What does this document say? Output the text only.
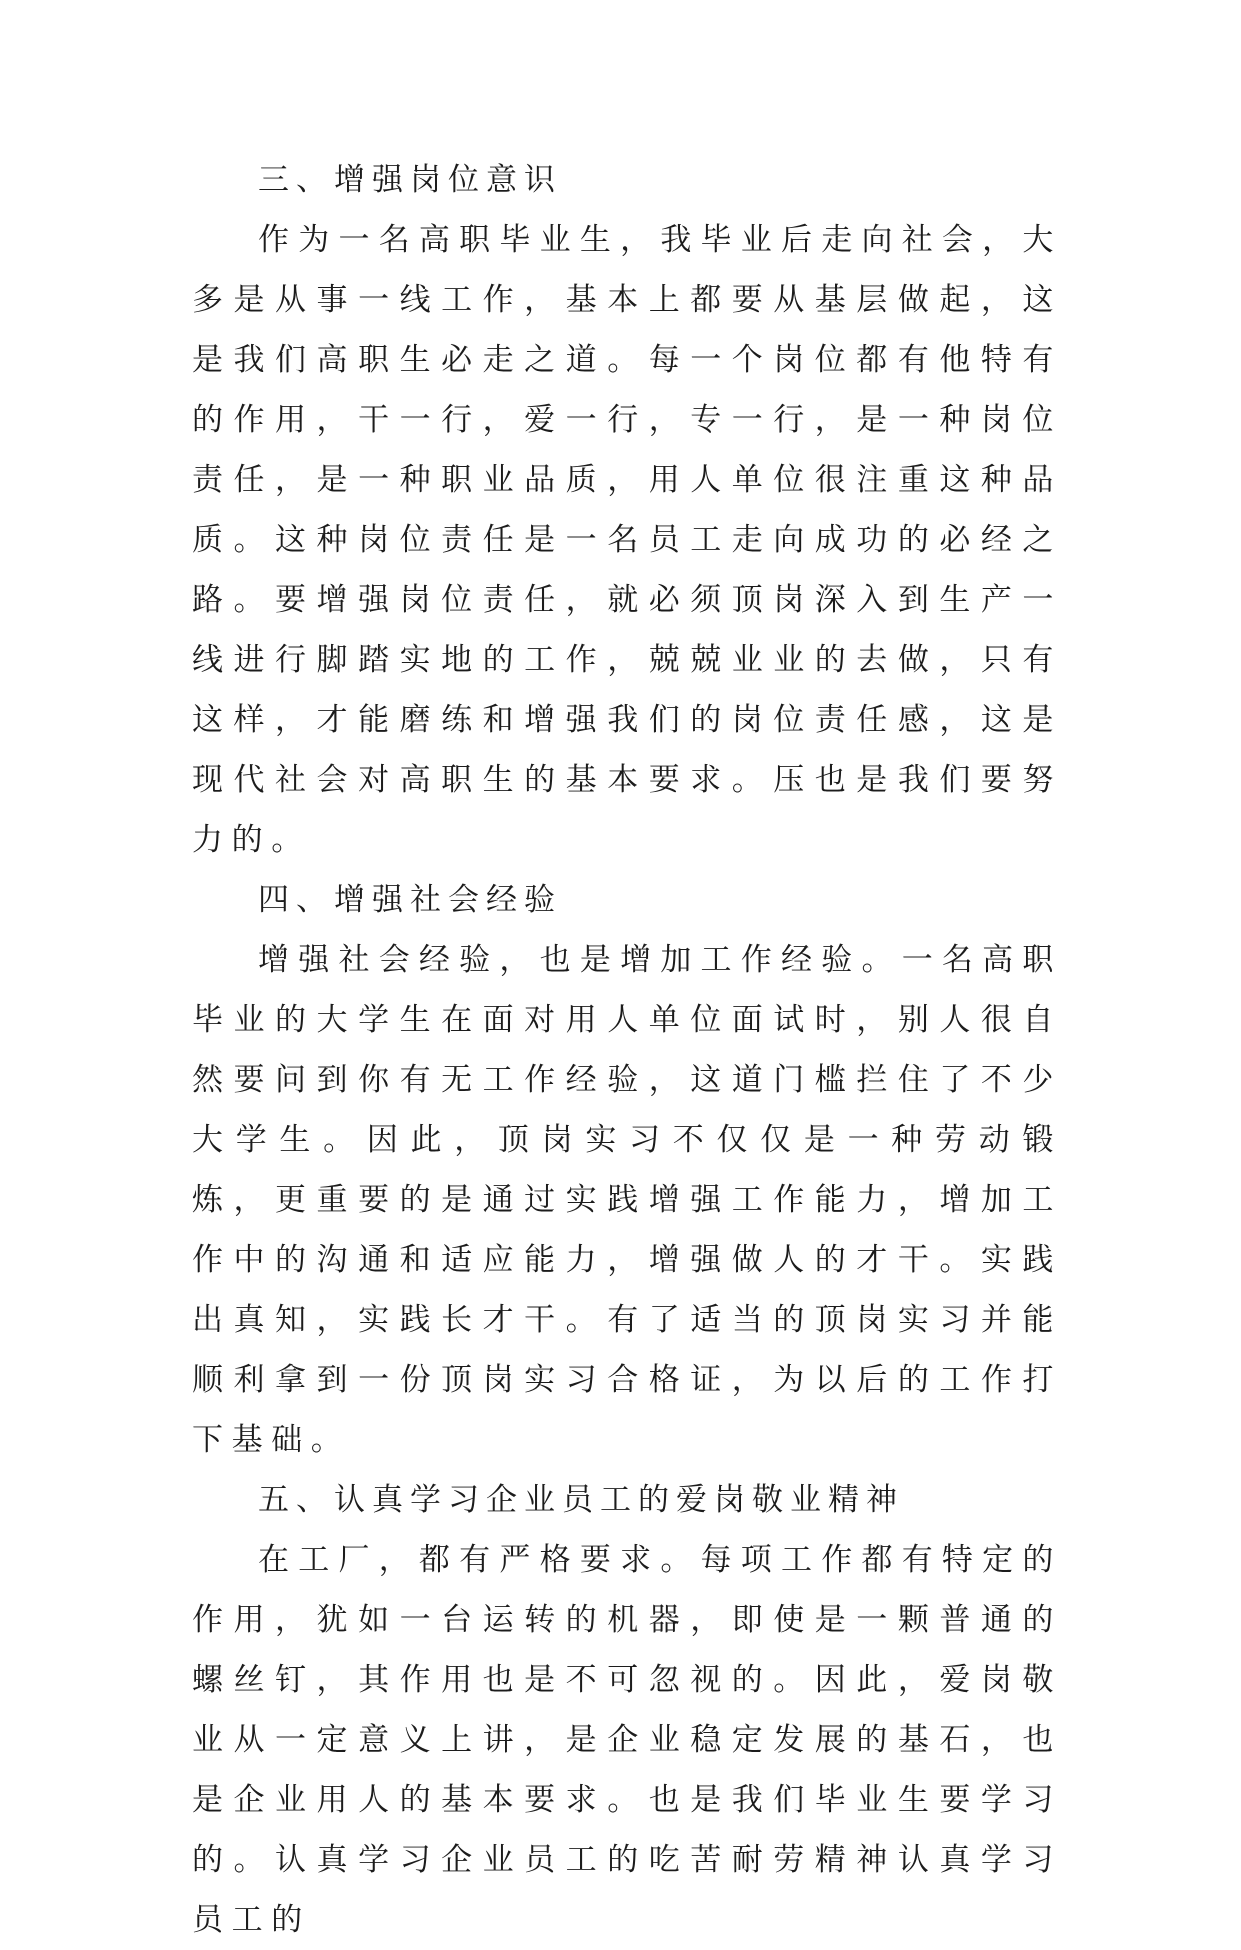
三、增强岗位意识

作为一名高职毕业生，我毕业后走向社会，大多是从事一线工作，基本上都要从基层做起，这是我们高职生必走之道。每一个岗位都有他特有的作用，干一行，爱一行，专一行，是一种岗位责任，是一种职业品质，用人单位很注重这种品质。这种岗位责任是一名员工走向成功的必经之路。要增强岗位责任，就必须顶岗深入到生产一线进行脚踏实地的工作，兢兢业业的去做，只有这样，才能磨练和增强我们的岗位责任感，这是现代社会对高职生的基本要求。压也是我们要努力的。

四、增强社会经验

增强社会经验，也是增加工作经验。一名高职毕业的大学生在面对用人单位面试时，别人很自然要问到你有无工作经验，这道门槛拦住了不少大学生。因此，顶岗实习不仅仅是一种劳动锻炼，更重要的是通过实践增强工作能力，增加工作中的沟通和适应能力，增强做人的才干。实践出真知，实践长才干。有了适当的顶岗实习并能顺利拿到一份顶岗实习合格证，为以后的工作打下基础。

五、认真学习企业员工的爱岗敬业精神

在工厂，都有严格要求。每项工作都有特定的作用，犹如一台运转的机器，即使是一颗普通的螺丝钉，其作用也是不可忽视的。因此，爱岗敬业从一定意义上讲，是企业稳定发展的基石，也是企业用人的基本要求。也是我们毕业生要学习的。认真学习企业员工的吃苦耐劳精神认真学习员工的
